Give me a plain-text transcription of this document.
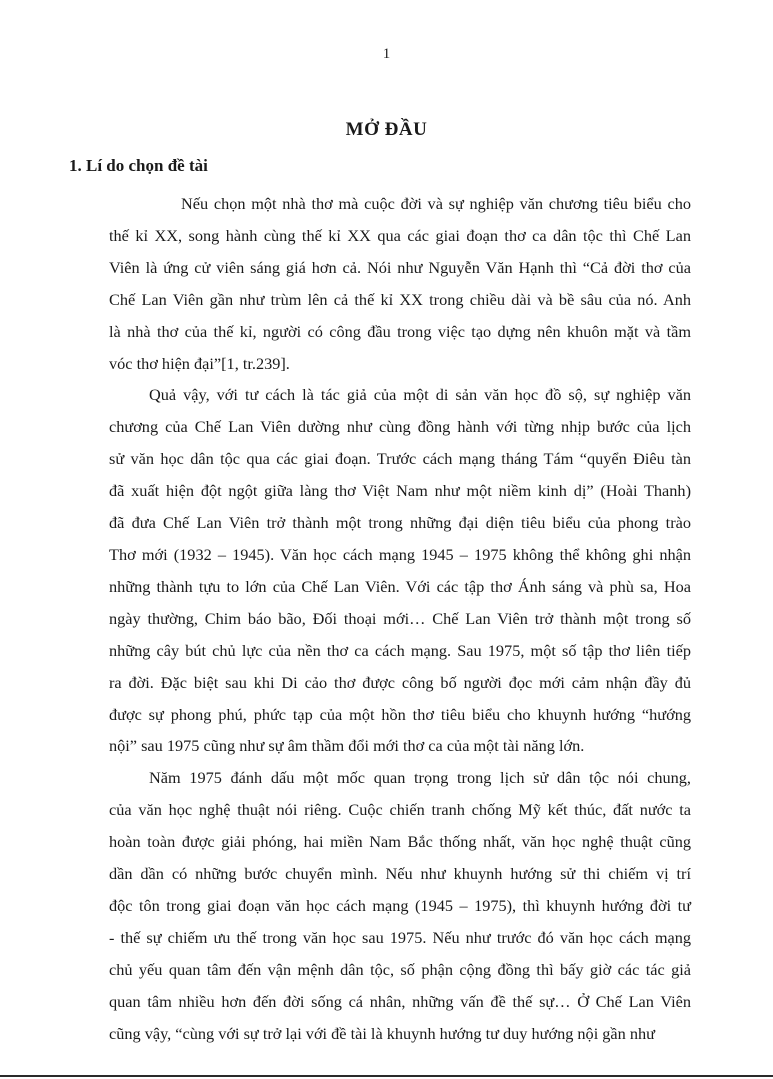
1
MỞ ĐẦU
1. Lí do chọn đề tài
Nếu chọn một nhà thơ mà cuộc đời và sự nghiệp văn chương tiêu biểu cho
thế kỉ XX, song hành cùng thế kỉ XX qua các giai đoạn thơ ca dân tộc thì Chế Lan
Viên là ứng cử viên sáng giá hơn cả. Nói như Nguyễn Văn Hạnh thì “Cả đời thơ của
Chế Lan Viên gần như trùm lên cả thế kỉ XX trong chiều dài và bề sâu của nó. Anh
là nhà thơ của thế kỉ, người có công đầu trong việc tạo dựng nên khuôn mặt và tầm
vóc thơ hiện đại”[1, tr.239].
Quả vậy, với tư cách là tác giả của một di sản văn học đồ sộ, sự nghiệp văn
chương của Chế Lan Viên dường như cùng đồng hành với từng nhịp bước của lịch
sử văn học dân tộc qua các giai đoạn. Trước cách mạng tháng Tám “quyển Điêu tàn
đã xuất hiện đột ngột giữa làng thơ Việt Nam như một niềm kinh dị” (Hoài Thanh)
đã đưa Chế Lan Viên trở thành một trong những đại diện tiêu biểu của phong trào
Thơ mới (1932 – 1945). Văn học cách mạng 1945 – 1975 không thể không ghi nhận
những thành tựu to lớn của Chế Lan Viên. Với các tập thơ Ánh sáng và phù sa, Hoa
ngày thường, Chim báo bão, Đối thoại mới… Chế Lan Viên trở thành một trong số
những cây bút chủ lực của nền thơ ca cách mạng. Sau 1975, một số tập thơ liên tiếp
ra đời. Đặc biệt sau khi Di cảo thơ được công bố người đọc mới cảm nhận đầy đủ
được sự phong phú, phức tạp của một hồn thơ tiêu biểu cho khuynh hướng “hướng
nội” sau 1975 cũng như sự âm thầm đổi mới thơ ca của một tài năng lớn.
Năm 1975 đánh dấu một mốc quan trọng trong lịch sử dân tộc nói chung,
của văn học nghệ thuật nói riêng. Cuộc chiến tranh chống Mỹ kết thúc, đất nước ta
hoàn toàn được giải phóng, hai miền Nam Bắc thống nhất, văn học nghệ thuật cũng
dần dần có những bước chuyển mình. Nếu như khuynh hướng sử thi chiếm vị trí
độc tôn trong giai đoạn văn học cách mạng (1945 – 1975), thì khuynh hướng đời tư
- thế sự chiếm ưu thế trong văn học sau 1975. Nếu như trước đó văn học cách mạng
chủ yếu quan tâm đến vận mệnh dân tộc, số phận cộng đồng thì bấy giờ các tác giả
quan tâm nhiều hơn đến đời sống cá nhân, những vấn đề thế sự… Ở Chế Lan Viên
cũng vậy, “cùng với sự trở lại với đề tài là khuynh hướng tư duy hướng nội gần như
